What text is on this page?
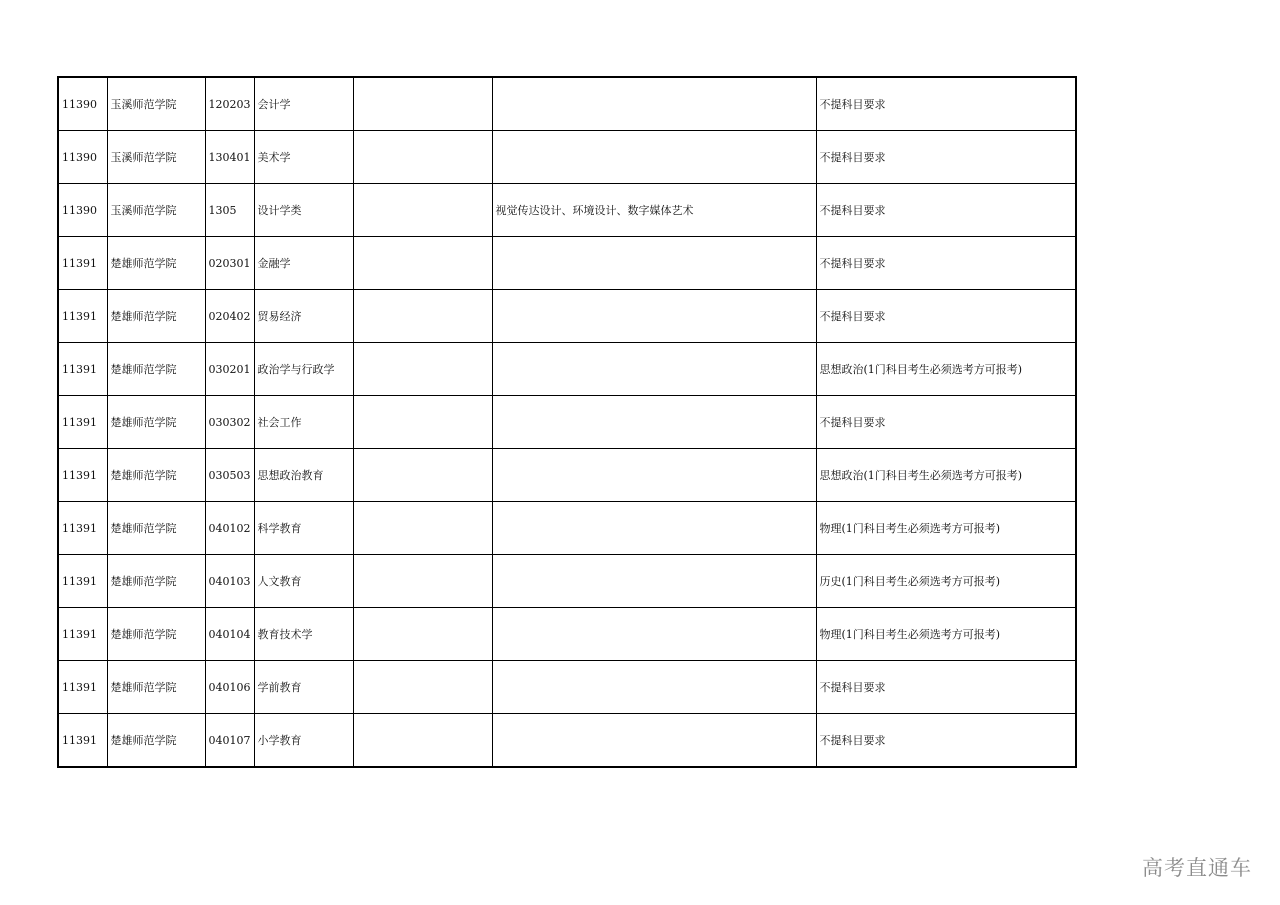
11390	玉溪师范学院	120203	会计学			不提科目要求
11390	玉溪师范学院	130401	美术学			不提科目要求
11390	玉溪师范学院	1305	设计学类		视觉传达设计、环境设计、数字媒体艺术	不提科目要求
11391	楚雄师范学院	020301	金融学			不提科目要求
11391	楚雄师范学院	020402	贸易经济			不提科目要求
11391	楚雄师范学院	030201	政治学与行政学			思想政治(1门科目考生必须选考方可报考)
11391	楚雄师范学院	030302	社会工作			不提科目要求
11391	楚雄师范学院	030503	思想政治教育			思想政治(1门科目考生必须选考方可报考)
11391	楚雄师范学院	040102	科学教育			物理(1门科目考生必须选考方可报考)
11391	楚雄师范学院	040103	人文教育			历史(1门科目考生必须选考方可报考)
11391	楚雄师范学院	040104	教育技术学			物理(1门科目考生必须选考方可报考)
11391	楚雄师范学院	040106	学前教育			不提科目要求
11391	楚雄师范学院	040107	小学教育			不提科目要求
高考直通车
